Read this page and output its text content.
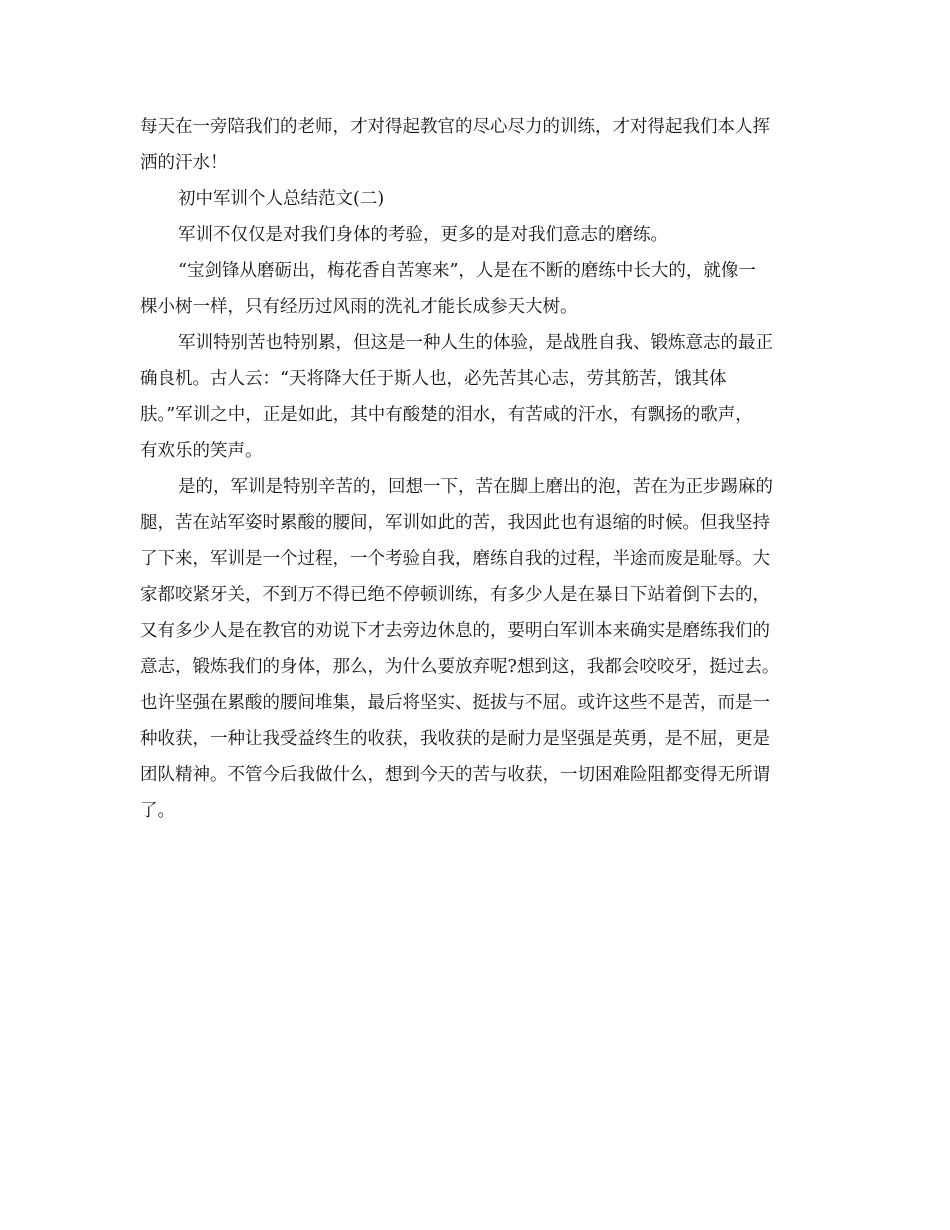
每天在一旁陪我们的老师，才对得起教官的尽心尽力的训练，才对得起我们本人挥

洒的汗水！

初中军训个人总结范文(二)

军训不仅仅是对我们身体的考验，更多的是对我们意志的磨练。

“宝剑锋从磨砺出，梅花香自苦寒来”，人是在不断的磨练中长大的，就像一

棵小树一样，只有经历过风雨的洗礼才能长成参天大树。

军训特别苦也特别累，但这是一种人生的体验，是战胜自我、锻炼意志的最正

确良机。古人云：“天将降大任于斯人也，必先苦其心志，劳其筋苦，饿其体

肤。”军训之中，正是如此，其中有酸楚的泪水，有苦咸的汗水，有飘扬的歌声，

有欢乐的笑声。

是的，军训是特别辛苦的，回想一下，苦在脚上磨出的泡，苦在为正步踢麻的

腿，苦在站军姿时累酸的腰间，军训如此的苦，我因此也有退缩的时候。但我坚持

了下来，军训是一个过程，一个考验自我，磨练自我的过程，半途而废是耻辱。大

家都咬紧牙关，不到万不得已绝不停顿训练，有多少人是在暴日下站着倒下去的，

又有多少人是在教官的劝说下才去旁边休息的，要明白军训本来确实是磨练我们的

意志，锻炼我们的身体，那么，为什么要放弃呢?想到这，我都会咬咬牙，挺过去。

也许坚强在累酸的腰间堆集，最后将坚实、挺拔与不屈。或许这些不是苦，而是一

种收获，一种让我受益终生的收获，我收获的是耐力是坚强是英勇，是不屈，更是

团队精神。不管今后我做什么，想到今天的苦与收获，一切困难险阻都变得无所谓

了。
